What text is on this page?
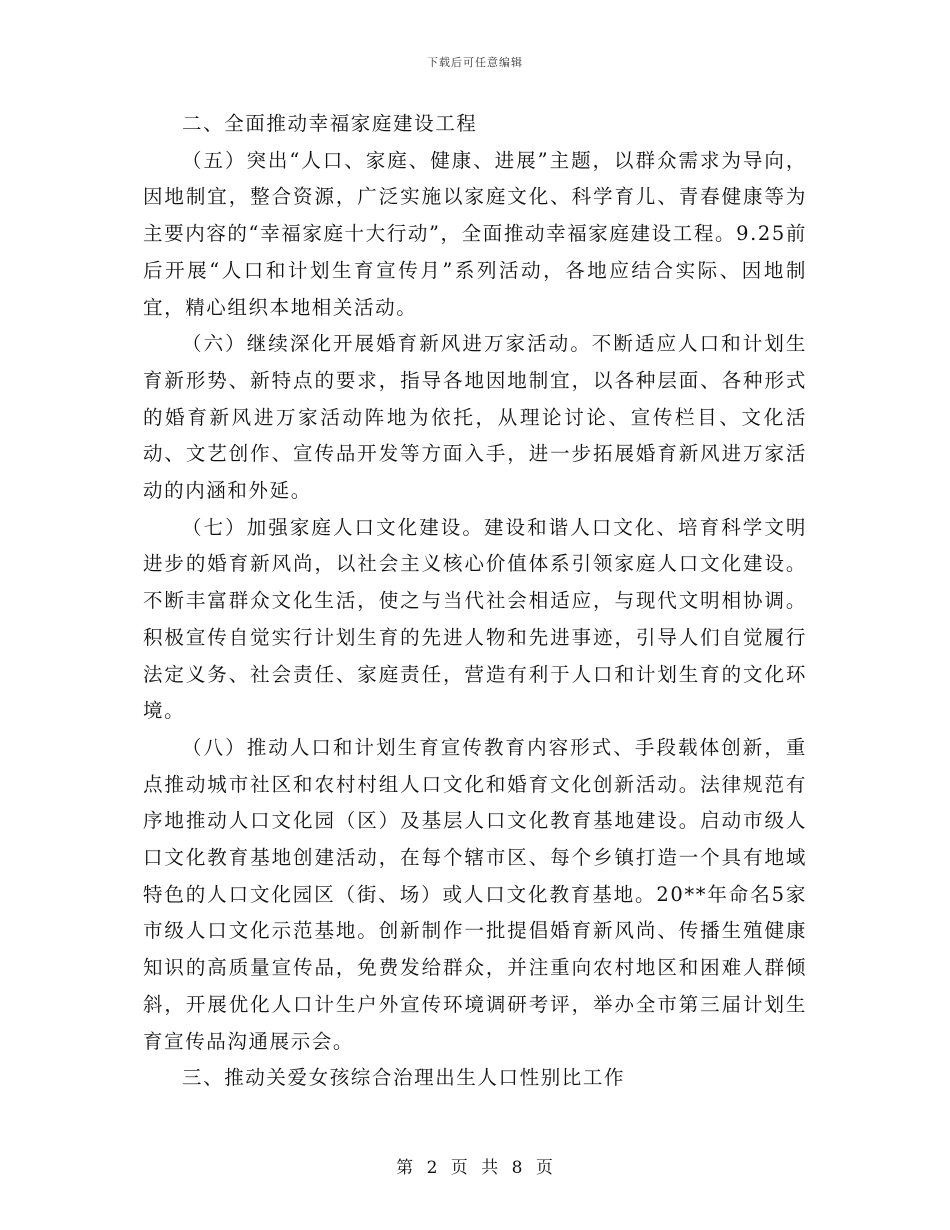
下载后可任意编辑

二、全面推动幸福家庭建设工程

（五）突出“人口、家庭、健康、进展”主题，以群众需求为导向，因地制宜，整合资源，广泛实施以家庭文化、科学育儿、青春健康等为主要内容的“幸福家庭十大行动”，全面推动幸福家庭建设工程。9.25前后开展“人口和计划生育宣传月”系列活动，各地应结合实际、因地制宜，精心组织本地相关活动。

（六）继续深化开展婚育新风进万家活动。不断适应人口和计划生育新形势、新特点的要求，指导各地因地制宜，以各种层面、各种形式的婚育新风进万家活动阵地为依托，从理论讨论、宣传栏目、文化活动、文艺创作、宣传品开发等方面入手，进一步拓展婚育新风进万家活动的内涵和外延。

（七）加强家庭人口文化建设。建设和谐人口文化、培育科学文明进步的婚育新风尚，以社会主义核心价值体系引领家庭人口文化建设。不断丰富群众文化生活，使之与当代社会相适应，与现代文明相协调。积极宣传自觉实行计划生育的先进人物和先进事迹，引导人们自觉履行法定义务、社会责任、家庭责任，营造有利于人口和计划生育的文化环境。

（八）推动人口和计划生育宣传教育内容形式、手段载体创新，重点推动城市社区和农村村组人口文化和婚育文化创新活动。法律规范有序地推动人口文化园（区）及基层人口文化教育基地建设。启动市级人口文化教育基地创建活动，在每个辖市区、每个乡镇打造一个具有地域特色的人口文化园区（街、场）或人口文化教育基地。20**年命名5家市级人口文化示范基地。创新制作一批提倡婚育新风尚、传播生殖健康知识的高质量宣传品，免费发给群众，并注重向农村地区和困难人群倾斜，开展优化人口计生户外宣传环境调研考评，举办全市第三届计划生育宣传品沟通展示会。

三、推动关爱女孩综合治理出生人口性别比工作

第 2 页 共 8 页
